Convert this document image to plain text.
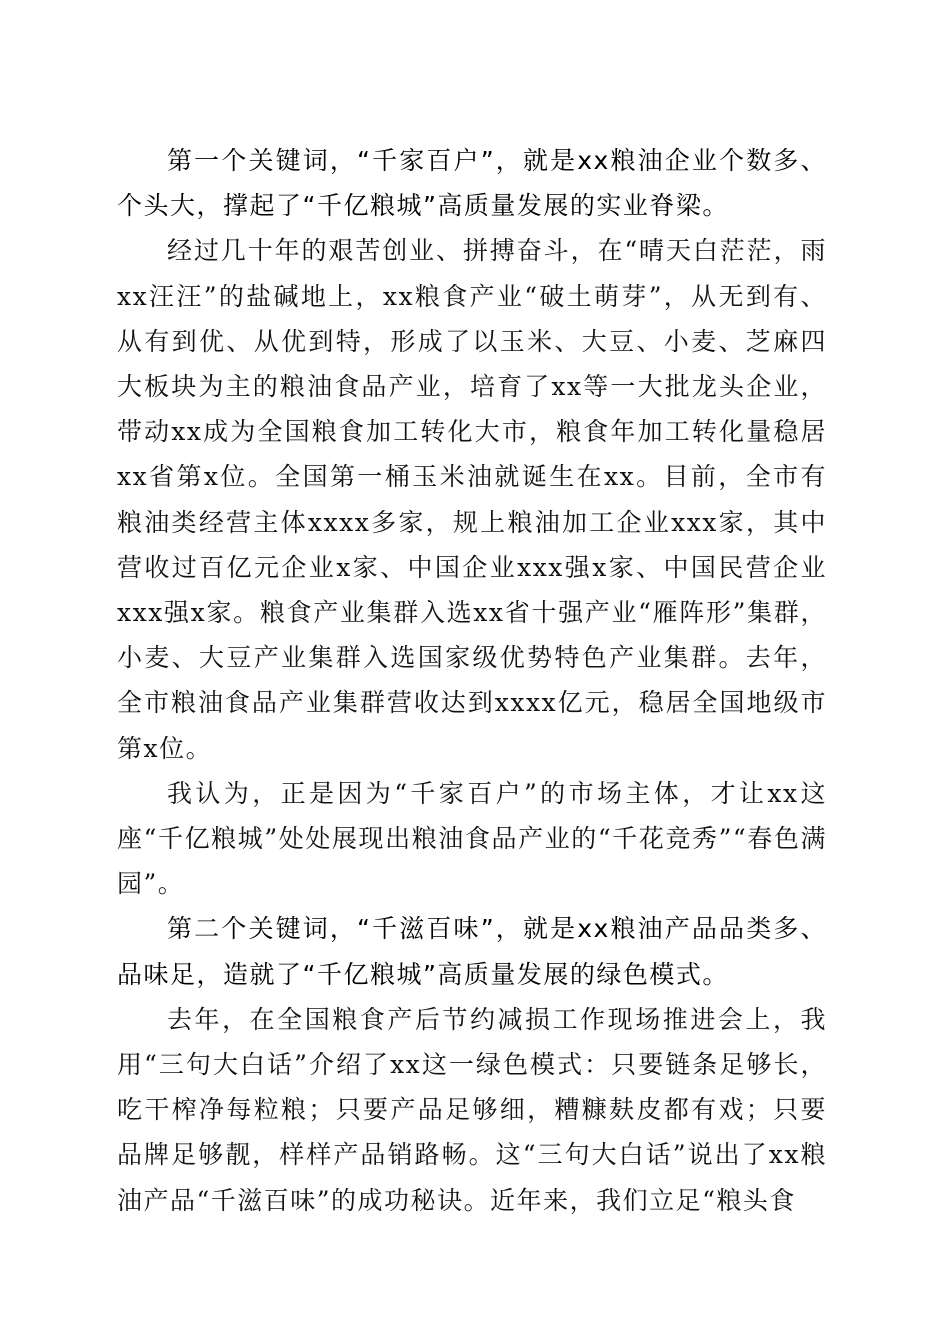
第一个关键词，“千家百户”，就是xx粮油企业个数多、个头大，撑起了“千亿粮城”高质量发展的实业脊梁。

经过几十年的艰苦创业、拼搏奋斗，在“晴天白茫茫，雨xx汪汪”的盐碱地上，xx粮食产业“破土萌芽”，从无到有、从有到优、从优到特，形成了以玉米、大豆、小麦、芝麻四大板块为主的粮油食品产业，培育了xx等一大批龙头企业，带动xx成为全国粮食加工转化大市，粮食年加工转化量稳居xx省第x位。全国第一桶玉米油就诞生在xx。目前，全市有粮油类经营主体xxxx多家，规上粮油加工企业xxx家，其中营收过百亿元企业x家、中国企业xxx强x家、中国民营企业xxx强x家。粮食产业集群入选xx省十强产业“雁阵形”集群，小麦、大豆产业集群入选国家级优势特色产业集群。去年，全市粮油食品产业集群营收达到xxxx亿元，稳居全国地级市第x位。

我认为，正是因为“千家百户”的市场主体，才让xx这座“千亿粮城”处处展现出粮油食品产业的“千花竞秀”“春色满园”。

第二个关键词，“千滋百味”，就是xx粮油产品品类多、品味足，造就了“千亿粮城”高质量发展的绿色模式。

去年，在全国粮食产后节约减损工作现场推进会上，我用“三句大白话”介绍了xx这一绿色模式：只要链条足够长，吃干榨净每粒粮；只要产品足够细，糟糠麸皮都有戏；只要品牌足够靓，样样产品销路畅。这“三句大白话”说出了xx粮油产品“千滋百味”的成功秘诀。近年来，我们立足“粮头食
